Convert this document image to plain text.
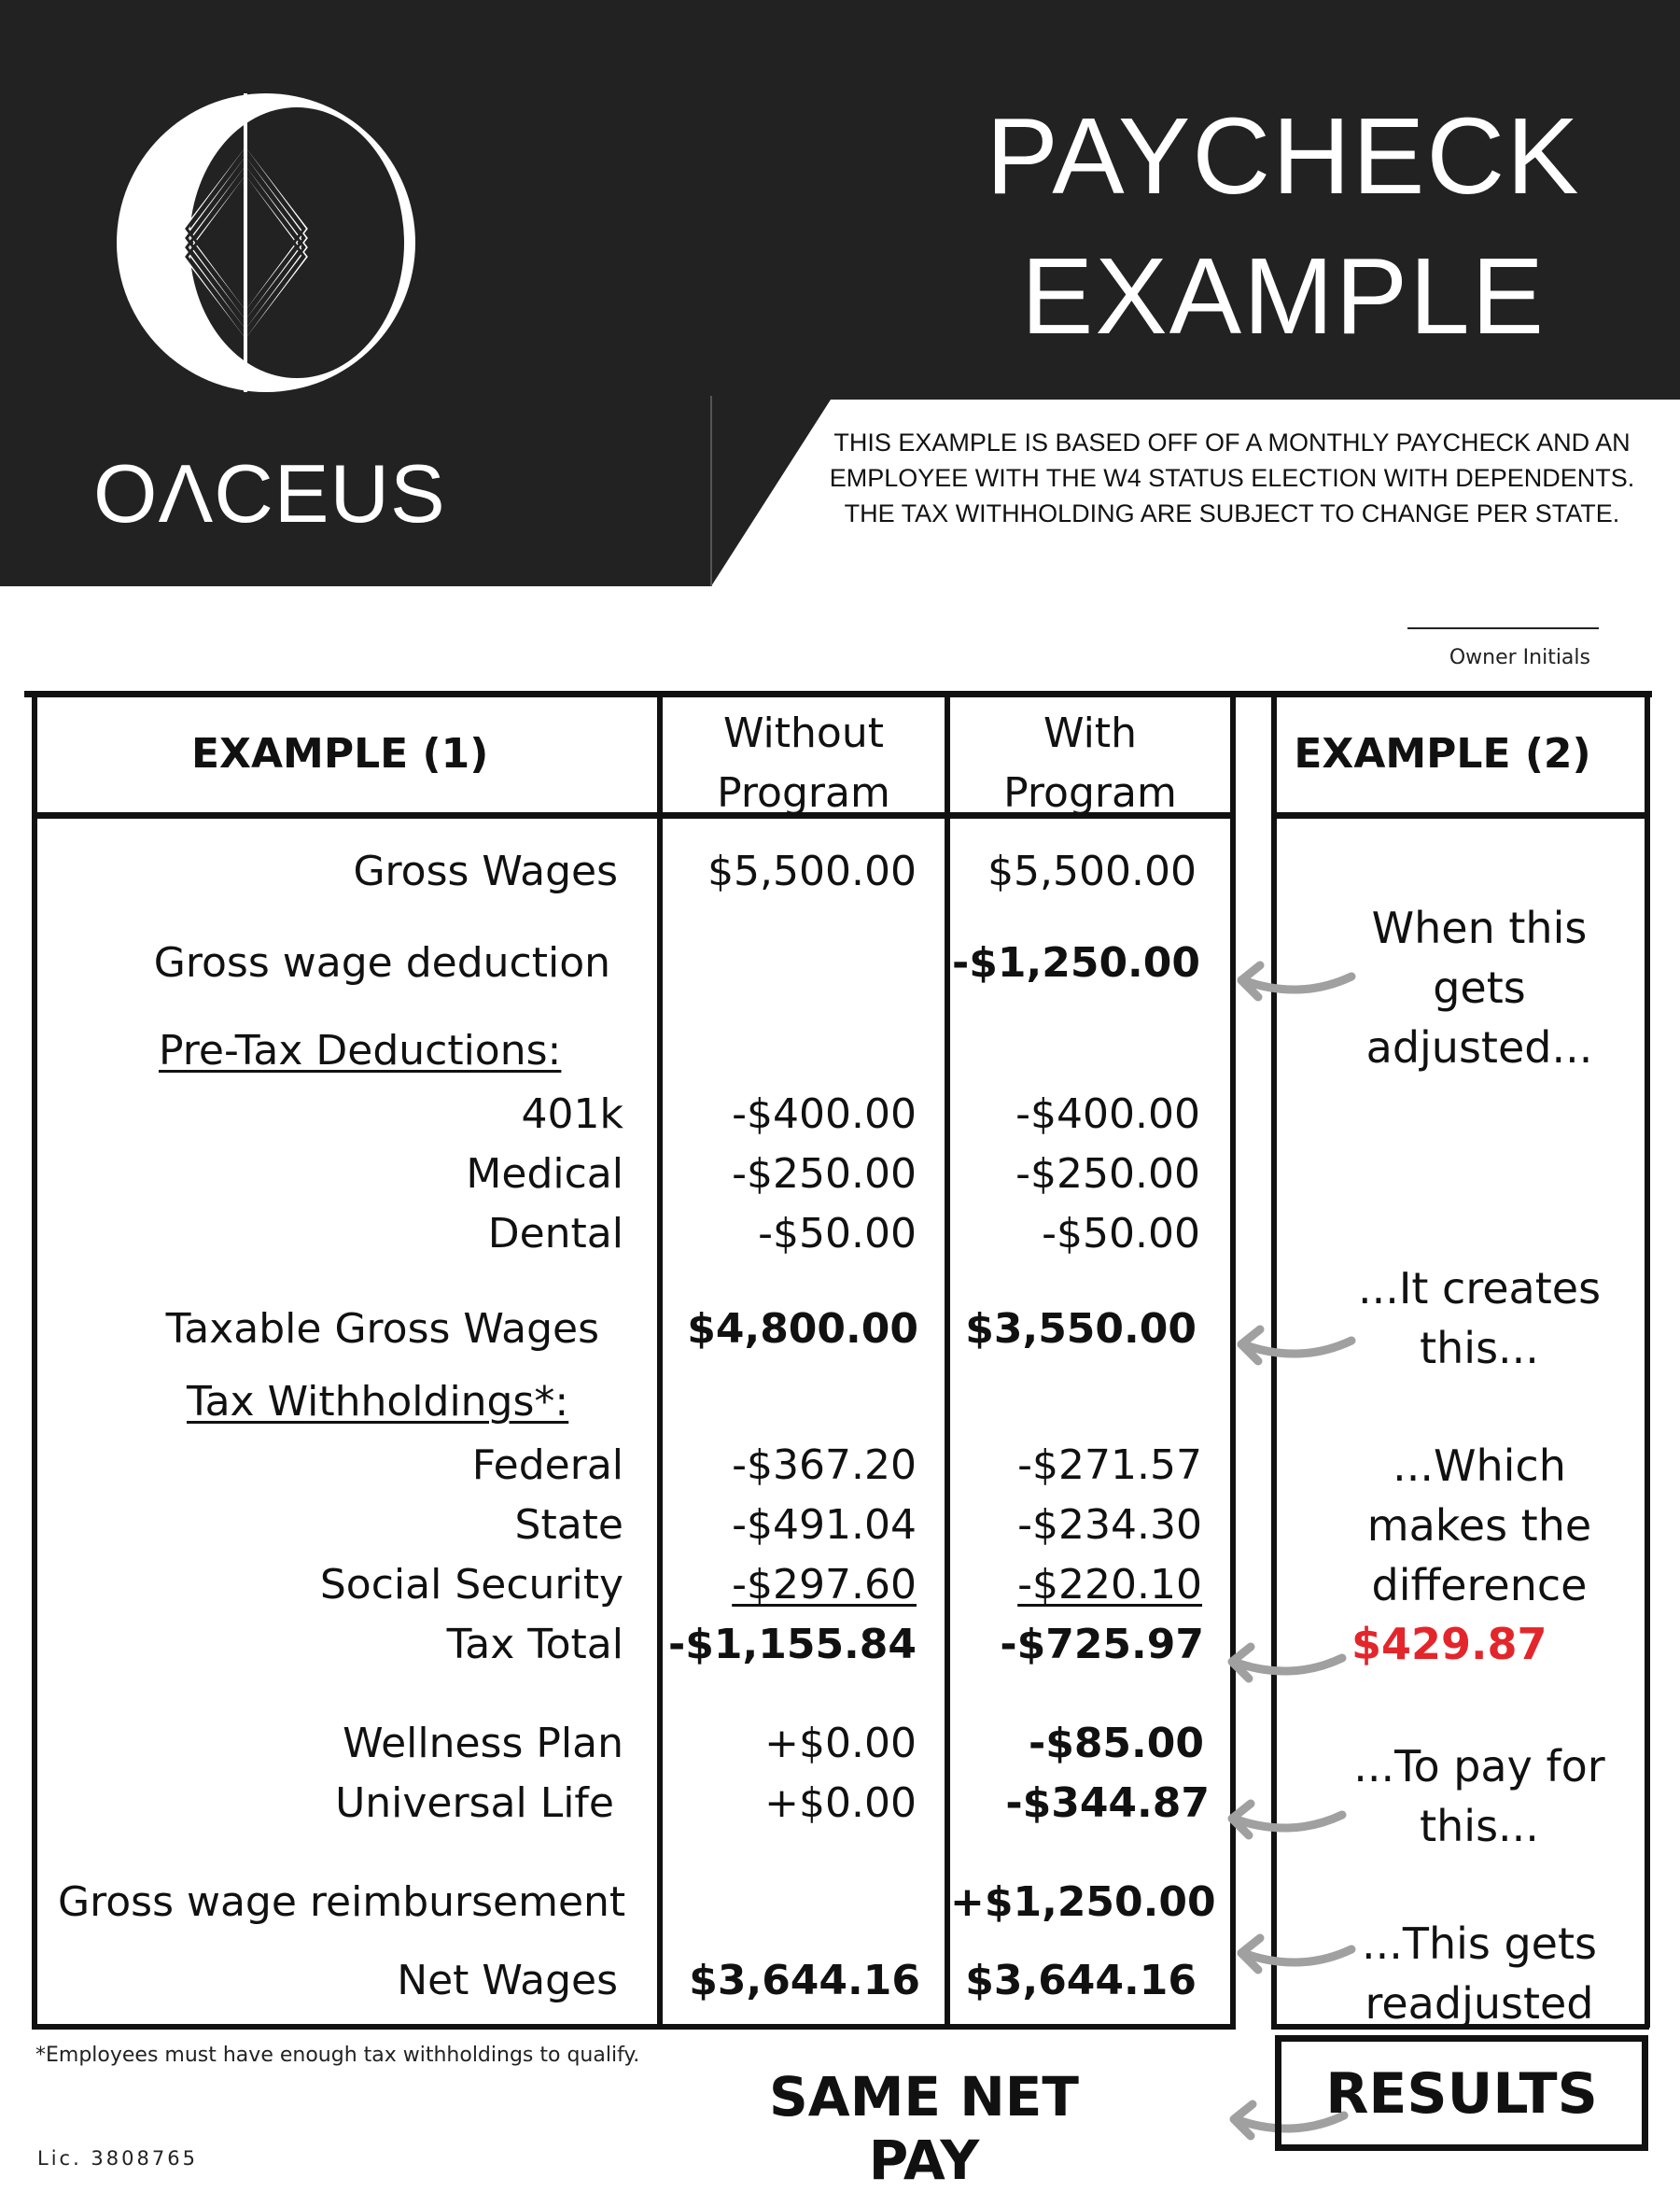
OΛCEUS
PAYCHECK
EXAMPLE
THIS EXAMPLE IS BASED OFF OF A MONTHLY PAYCHECK AND AN EMPLOYEE WITH THE W4 STATUS ELECTION WITH DEPENDENTS. THE TAX WITHHOLDING ARE SUBJECT TO CHANGE PER STATE.
Owner Initials
EXAMPLE (1)	Without
Program
With
Program
EXAMPLE (2)
Gross Wages
Gross wage deduction
Pre-Tax Deductions:
401k
Medical
Dental
Taxable Gross Wages
Tax Withholdings*:
Federal
State
Social Security
Tax Total
Wellness Plan
Universal Life
Gross wage reimbursement
Net Wages
$5,500.00
-$400.00
-$250.00
-$50.00
$4,800.00
-$367.20
-$491.04
-$297.60
-$1,155.84
+$0.00
+$0.00
$3,644.16
$5,500.00
-$1,250.00
-$400.00
-$250.00
-$50.00
$3,550.00
-$271.57
-$234.30
-$220.10
-$725.97
-$85.00
-$344.87
+$1,250.00
$3,644.16
When this
gets
adjusted...
...It creates
this...
...Which
makes the
difference
$429.87
...To pay for
this...
...This gets
readjusted
*Employees must have enough tax withholdings to qualify.
SAME NET PAY
RESULTS
Lic. 3808765
